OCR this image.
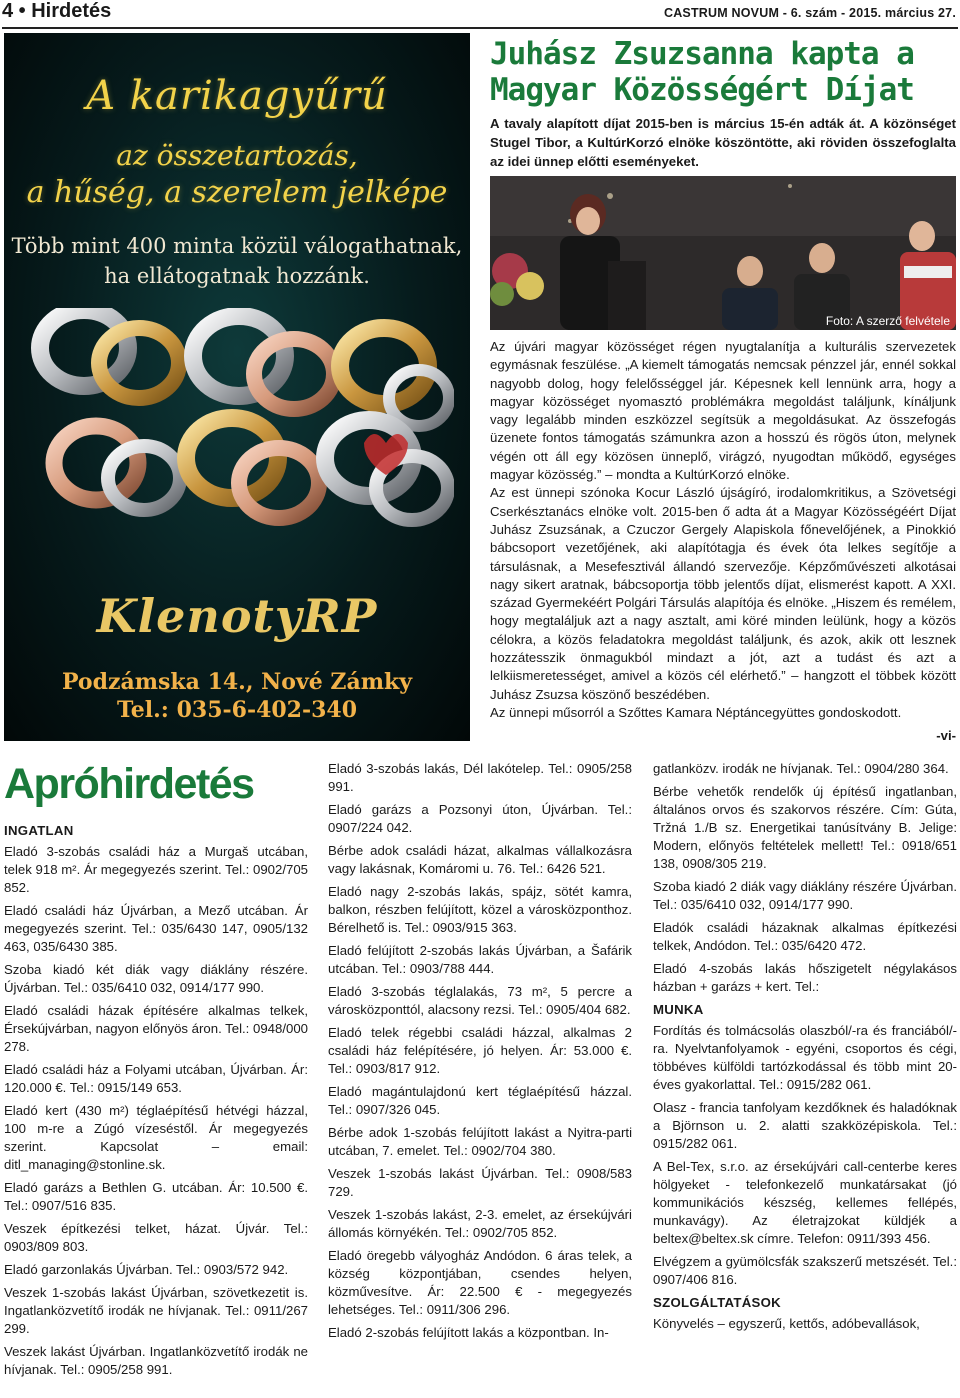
4 • Hirdetés	CASTRUM NOVUM - 6. szám - 2015. március 27.
A karikagyűrű
az összetartozás,
a hűség, a szerelem jelképe
Több mint 400 minta közül válogathatnak,
ha ellátogatnak hozzánk.
KlenotyRP
Podzámska 14., Nové Zámky
Tel.: 035-6-402-340
Juhász Zsuzsanna kapta a Magyar Közösségért Díjat
A tavaly alapított díjat 2015-ben is március 15-én adták át. A közönséget Stugel Tibor, a KultúrKorzó elnöke köszöntötte, aki röviden összefoglalta az idei ünnep előtti eseményeket.
Foto: A szerző felvétele

Az újvári magyar közösséget régen nyugtalanítja a kulturális szervezetek egymásnak feszülése. „A kiemelt támogatás nemcsak pénzzel jár, ennél sokkal nagyobb dolog, hogy felelősséggel jár. Képesnek kell lennünk arra, hogy a magyar közösséget nyomasztó problémákra megoldást találjunk, kínáljunk vagy legalább minden eszközzel segítsük a megoldásukat. Az összefogás üzenete fontos támogatás számunkra azon a hosszú és rögös úton, melynek végén ott áll egy közösen ünneplő, virágzó, nyugodtan működő, egységes magyar közösség.” – mondta a KultúrKorzó elnöke.

Az est ünnepi szónoka Kocur László újságíró, irodalomkritikus, a Szövetségi Cserkésztanács elnöke volt. 2015-ben ő adta át a Magyar Közösségéért Díjat Juhász Zsuzsának, a Czuczor Gergely Alapiskola főnevelőjének, a Pinokkió bábcsoport vezetőjének, aki alapítótagja és évek óta lelkes segítője a társulásnak, a Mesefesztivál állandó szervezője. Képzőművészeti alkotásai nagy sikert aratnak, bábcsoportja több jelentős díjat, elismerést kapott. A XXI. század Gyermekéért Polgári Társulás alapítója és elnöke. „Hiszem és remélem, hogy megtaláljuk azt a nagy asztalt, ami köré minden leülünk, hogy a közös célokra, a közös feladatokra megoldást találjunk, és azok, akik ott lesznek hozzátesszik önmagukból mindazt a jót, azt a tudást és azt a lelkiismeretességet, amivel a közös cél elérhető.” – hangzott el többek között Juhász Zsuzsa köszönő beszédében.

Az ünnepi műsorról a Szőttes Kamara Néptáncegyüttes gondoskodott.

-vi-
Apróhirdetés

INGATLAN

Eladó 3-szobás családi ház a Murgaš utcában, telek 918 m². Ár megegyezés szerint. Tel.: 0902/705 852.

Eladó családi ház Újvárban, a Mező utcában. Ár megegyezés szerint. Tel.: 035/6430 147, 0905/132 463, 035/6430 385.

Szoba kiadó két diák vagy diáklány részére. Újvárban. Tel.: 035/6410 032, 0914/177 990.

Eladó családi házak építésére alkalmas telkek, Érsekújvárban, nagyon előnyös áron. Tel.: 0948/000 278.

Eladó családi ház a Folyami utcában, Újvárban. Ár: 120.000 €. Tel.: 0915/149 653.

Eladó kert (430 m²) téglaépítésű hétvégi házzal, 100 m-re a Zúgó vízeséstől. Ár megegyezés szerint. Kapcsolat – email: ditl_managing@stonline.sk.

Eladó garázs a Bethlen G. utcában. Ár: 10.500 €. Tel.: 0907/516 835.

Veszek építkezési telket, házat. Újvár. Tel.: 0903/809 803.

Eladó garzonlakás Újvárban. Tel.: 0903/572 942.

Veszek 1-szobás lakást Újvárban, szövetkezetit is. Ingatlanközvetítő irodák ne hívjanak. Tel.: 0911/267 299.

Veszek lakást Újvárban. Ingatlanközvetítő irodák ne hívjanak. Tel.: 0905/258 991.

Eladó 3-szobás lakás, Dél lakótelep. Tel.: 0905/258 991.

Eladó garázs a Pozsonyi úton, Újvárban. Tel.: 0907/224 042.

Bérbe adok családi házat, alkalmas vállalkozásra vagy lakásnak, Komáromi u. 76. Tel.: 6426 521.

Eladó nagy 2-szobás lakás, spájz, sötét kamra, balkon, részben felújított, közel a városközponthoz. Bérelhető is. Tel.: 0903/915 363.

Eladó felújított 2-szobás lakás Újvárban, a Šafárik utcában. Tel.: 0903/788 444.

Eladó 3-szobás téglalakás, 73 m², 5 percre a városközponttól, alacsony rezsi. Tel.: 0905/404 682.

Eladó telek régebbi családi házzal, alkalmas 2 családi ház felépítésére, jó helyen. Ár: 53.000 €. Tel.: 0903/817 912.

Eladó magántulajdonú kert téglaépítésű házzal. Tel.: 0907/326 045.

Bérbe adok 1-szobás felújított lakást a Nyitra-parti utcában, 7. emelet. Tel.: 0902/704 380.

Veszek 1-szobás lakást Újvárban. Tel.: 0908/583 729.

Veszek 1-szobás lakást, 2-3. emelet, az érsekújvári állomás környékén. Tel.: 0902/705 852.

Eladó öregebb vályogház Andódon. 6 áras telek, a község központjában, csendes helyen, közművesítve. Ár: 22.500 € - megegyezés lehetséges. Tel.: 0911/306 296.

Eladó 2-szobás felújított lakás a központban. In-

gatlanközv. irodák ne hívjanak. Tel.: 0904/280 364.

Bérbe vehetők rendelők új építésű ingatlanban, általános orvos és szakorvos részére. Cím: Gúta, Tržná 1./B sz. Energetikai tanúsítvány B. Jelige: Modern, előnyös feltételek mellett! Tel.: 0918/651 138, 0908/305 219.

Szoba kiadó 2 diák vagy diáklány részére Újvárban. Tel.: 035/6410 032, 0914/177 990.

Eladók családi házaknak alkalmas építkezési telkek, Andódon. Tel.: 035/6420 472.

Eladó 4-szobás lakás hőszigetelt négylakásos házban + garázs + kert. Tel.:

MUNKA

Fordítás és tolmácsolás olaszból/-ra és franciából/-ra. Nyelvtanfolyamok - egyéni, csoportos és cégi, többéves külföldi tartózkodással és több mint 20-éves gyakorlattal. Tel.: 0915/282 061.

Olasz - francia tanfolyam kezdőknek és haladóknak a Björnson u. 2. alatti szakközépiskola. Tel.: 0915/282 061.

A Bel-Tex, s.r.o. az érsekújvári call-centerbe keres hölgyeket - telefonkezelő munkatársakat (jó kommunikációs készség, kellemes fellépés, munkavágy). Az életrajzokat küldjék a beltex@beltex.sk címre. Telefon: 0911/393 456.

Elvégzem a gyümölcsfák szakszerű metszését. Tel.: 0907/406 816.

SZOLGÁLTATÁSOK

Könyvelés – egyszerű, kettős, adóbevallások,
